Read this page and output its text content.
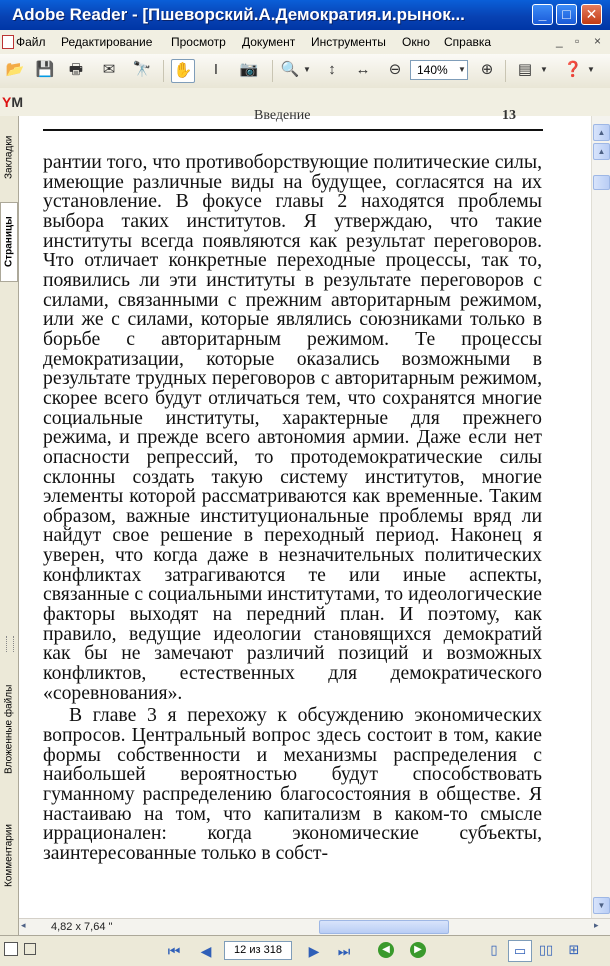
Adobe Reader - [Пшеворский.А.Демократия.и.рынок...	_	□	✕
Файл Редактирование Просмотр Документ Инструменты Окно Справка	_ ▫ ×
📂 💾 🖶	✉	🔭 ✋	I	📷 🔍 ▼	↕	↔	⊖	⊕	▤ ▼ ❓ ▼
140%	▼
YM
Закладки
Страницы
Вложенные файлы
Комментарии
Введение	13

рантии того, что противоборствующие политические силы, имеющие различные виды на будущее, согласятся на их установление. В фокусе главы 2 находятся проблемы выбора таких институтов. Я утверждаю, что такие институты всегда появляются как результат переговоров. Что отличает конкретные переходные процессы, так то, появились ли эти институты в результате переговоров с силами, связанными с прежним авторитарным режимом, или же с силами, которые являлись союзниками только в борьбе с авторитарным режимом. Те процессы демократизации, которые оказались возможными в результате трудных переговоров с авторитарным режимом, скорее всего будут отличаться тем, что сохранятся многие социальные институты, характерные для прежнего режима, и прежде всего автономия армии. Даже если нет опасности репрессий, то протодемократические силы склонны создать такую систему институтов, многие элементы которой рассматриваются как временные. Таким образом, важные институциональные проблемы вряд ли найдут свое решение в переходный период. Наконец я уверен, что когда даже в незначительных политических конфликтах затрагиваются те или иные аспекты, связанные с социальными институтами, то идеологические факторы выходят на передний план. И поэтому, как правило, ведущие идеологии становящихся демократий как бы не замечают различий позиций и возможных конфликтов, естественных для демократического «соревнования».

В главе 3 я перехожу к обсуждению экономических вопросов. Центральный вопрос здесь состоит в том, какие формы собственности и механизмы распределения с наибольшей вероятностью будут способствовать гуманному распределению благосостояния в обществе. Я настаиваю на том, что капитализм в каком-то смысле иррационален: когда экономические субъекты, заинтересованные только в собст-

▲
▲
▼
◂ 4,82 x 7,64 "	▸
⏮	◀	12 из 318	▶	⏭	◀	▶	▯	▭ ▯▯	⊞
